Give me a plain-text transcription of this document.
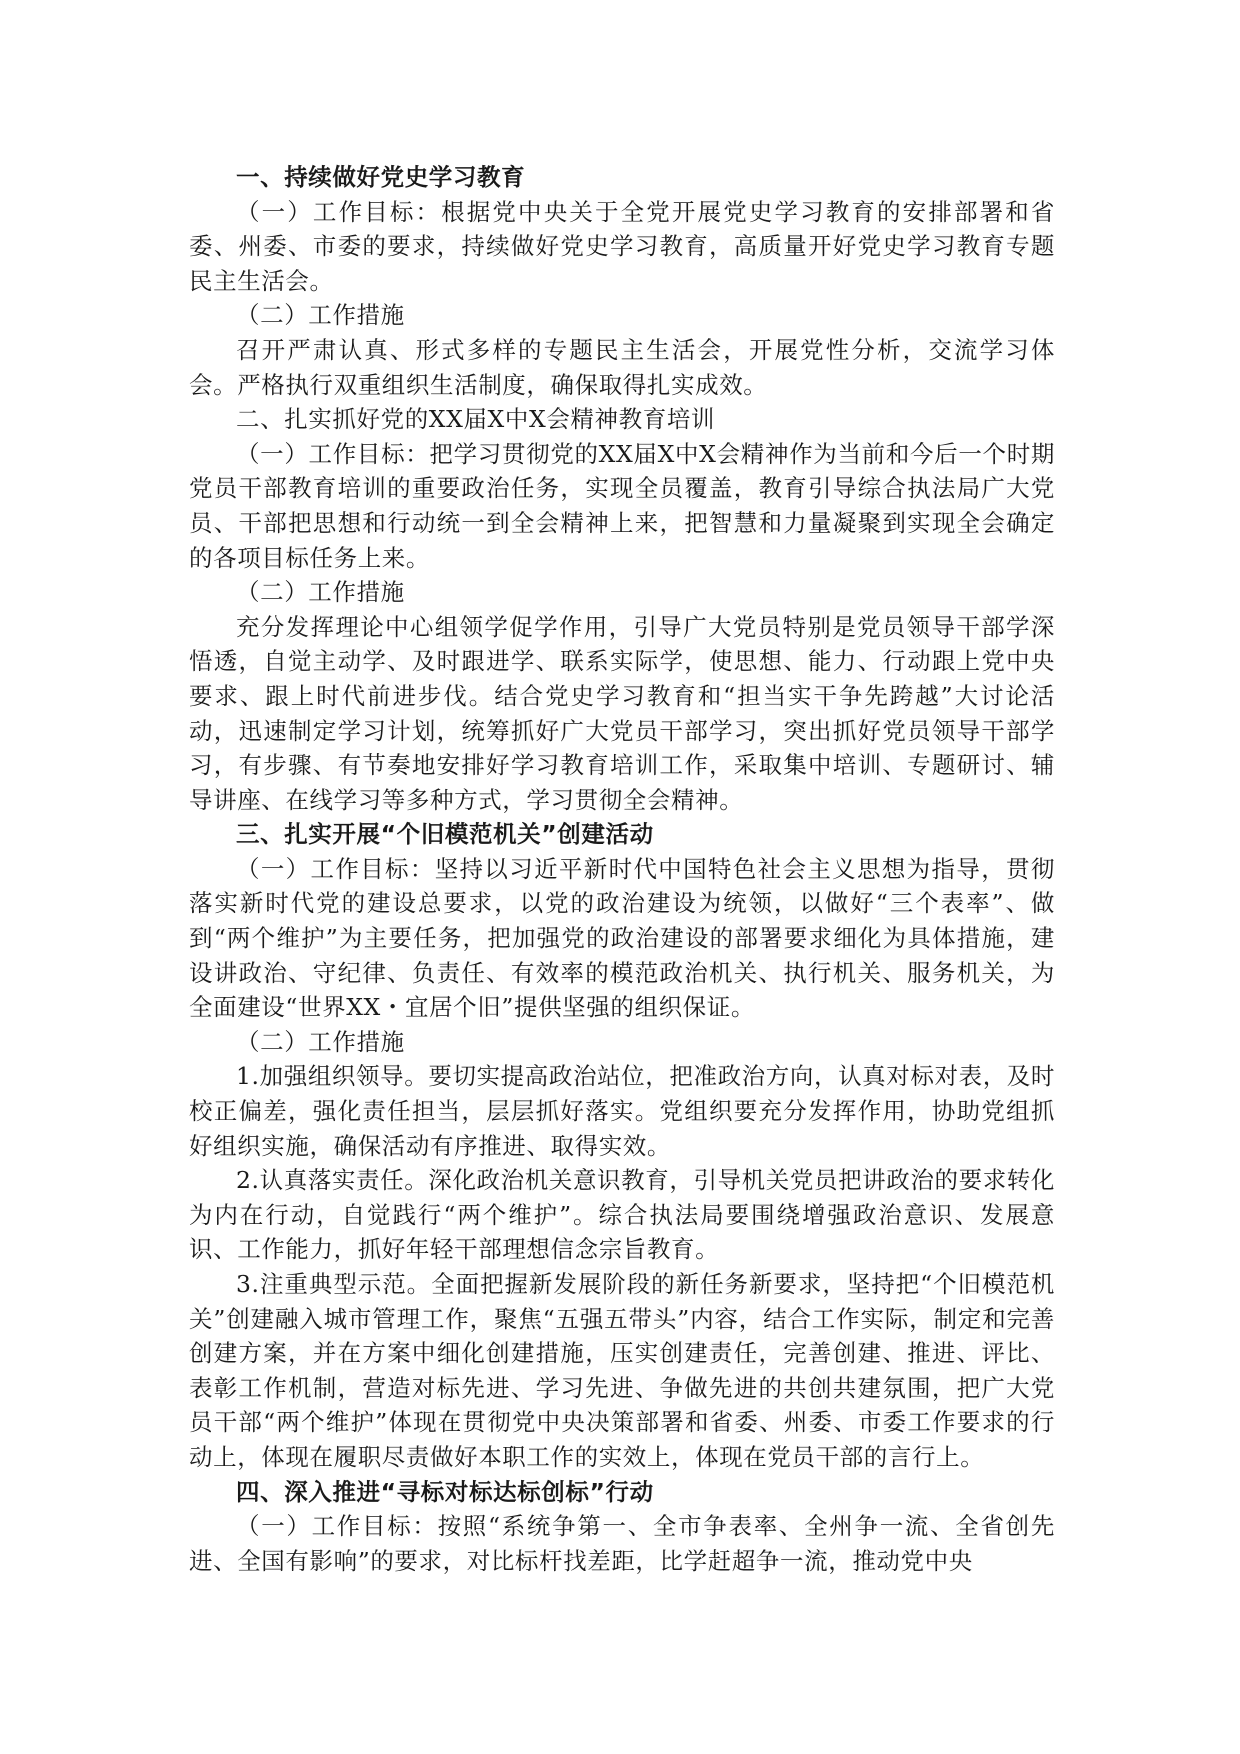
一、持续做好党史学习教育

（一）工作目标：根据党中央关于全党开展党史学习教育的安排部署和省委、州委、市委的要求，持续做好党史学习教育，高质量开好党史学习教育专题民主生活会。

（二）工作措施

召开严肃认真、形式多样的专题民主生活会，开展党性分析，交流学习体会。严格执行双重组织生活制度，确保取得扎实成效。

二、扎实抓好党的XX届X中X会精神教育培训

（一）工作目标：把学习贯彻党的XX届X中X会精神作为当前和今后一个时期党员干部教育培训的重要政治任务，实现全员覆盖，教育引导综合执法局广大党员、干部把思想和行动统一到全会精神上来，把智慧和力量凝聚到实现全会确定的各项目标任务上来。

（二）工作措施

充分发挥理论中心组领学促学作用，引导广大党员特别是党员领导干部学深悟透，自觉主动学、及时跟进学、联系实际学，使思想、能力、行动跟上党中央要求、跟上时代前进步伐。结合党史学习教育和“担当实干争先跨越”大讨论活动，迅速制定学习计划，统筹抓好广大党员干部学习，突出抓好党员领导干部学习，有步骤、有节奏地安排好学习教育培训工作，采取集中培训、专题研讨、辅导讲座、在线学习等多种方式，学习贯彻全会精神。

三、扎实开展“个旧模范机关”创建活动

（一）工作目标：坚持以习近平新时代中国特色社会主义思想为指导，贯彻落实新时代党的建设总要求，以党的政治建设为统领，以做好“三个表率”、做到“两个维护”为主要任务，把加强党的政治建设的部署要求细化为具体措施，建设讲政治、守纪律、负责任、有效率的模范政治机关、执行机关、服务机关，为全面建设“世界XX・宜居个旧”提供坚强的组织保证。

（二）工作措施

1.加强组织领导。要切实提高政治站位，把准政治方向，认真对标对表，及时校正偏差，强化责任担当，层层抓好落实。党组织要充分发挥作用，协助党组抓好组织实施，确保活动有序推进、取得实效。

2.认真落实责任。深化政治机关意识教育，引导机关党员把讲政治的要求转化为内在行动，自觉践行“两个维护”。综合执法局要围绕增强政治意识、发展意识、工作能力，抓好年轻干部理想信念宗旨教育。

3.注重典型示范。全面把握新发展阶段的新任务新要求，坚持把“个旧模范机关”创建融入城市管理工作，聚焦“五强五带头”内容，结合工作实际，制定和完善创建方案，并在方案中细化创建措施，压实创建责任，完善创建、推进、评比、表彰工作机制，营造对标先进、学习先进、争做先进的共创共建氛围，把广大党员干部“两个维护”体现在贯彻党中央决策部署和省委、州委、市委工作要求的行动上，体现在履职尽责做好本职工作的实效上，体现在党员干部的言行上。

四、深入推进“寻标对标达标创标”行动

（一）工作目标：按照“系统争第一、全市争表率、全州争一流、全省创先进、全国有影响”的要求，对比标杆找差距，比学赶超争一流，推动党中央
